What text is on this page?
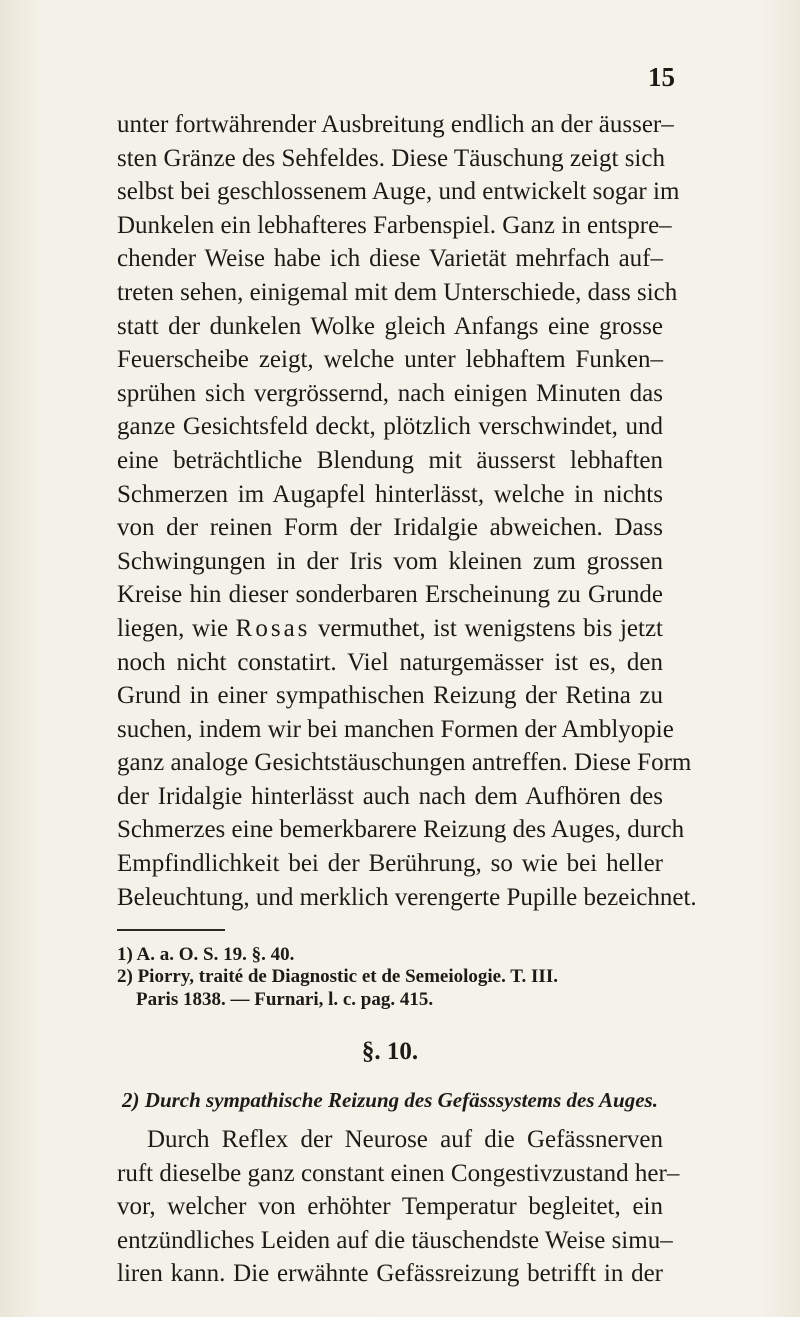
15
unter fortwährender Ausbreitung endlich an der äusser–
sten Gränze des Sehfeldes. Diese Täuschung zeigt sich
selbst bei geschlossenem Auge, und entwickelt sogar im
Dunkelen ein lebhafteres Farbenspiel. Ganz in entspre–
chender Weise habe ich diese Varietät mehrfach auf–
treten sehen, einigemal mit dem Unterschiede, dass sich
statt der dunkelen Wolke gleich Anfangs eine grosse
Feuerscheibe zeigt, welche unter lebhaftem Funken–
sprühen sich vergrössernd, nach einigen Minuten das
ganze Gesichtsfeld deckt, plötzlich verschwindet, und
eine beträchtliche Blendung mit äusserst lebhaften
Schmerzen im Augapfel hinterlässt, welche in nichts
von der reinen Form der Iridalgie abweichen. Dass
Schwingungen in der Iris vom kleinen zum grossen
Kreise hin dieser sonderbaren Erscheinung zu Grunde
liegen, wie Rosas vermuthet, ist wenigstens bis jetzt
noch nicht constatirt. Viel naturgemässer ist es, den
Grund in einer sympathischen Reizung der Retina zu
suchen, indem wir bei manchen Formen der Amblyopie
ganz analoge Gesichtstäuschungen antreffen. Diese Form
der Iridalgie hinterlässt auch nach dem Aufhören des
Schmerzes eine bemerkbarere Reizung des Auges, durch
Empfindlichkeit bei der Berührung, so wie bei heller
Beleuchtung, und merklich verengerte Pupille bezeichnet.
1) A. a. O. S. 19. §. 40.
2) Piorry, traité de Diagnostic et de Semeiologie. T. III.
Paris 1838. — Furnari, l. c. pag. 415.
§. 10.
2) Durch sympathische Reizung des Gefässsystems des Auges.
Durch Reflex der Neurose auf die Gefässnerven
ruft dieselbe ganz constant einen Congestivzustand her–
vor, welcher von erhöhter Temperatur begleitet, ein
entzündliches Leiden auf die täuschendste Weise simu–
liren kann. Die erwähnte Gefässreizung betrifft in der
